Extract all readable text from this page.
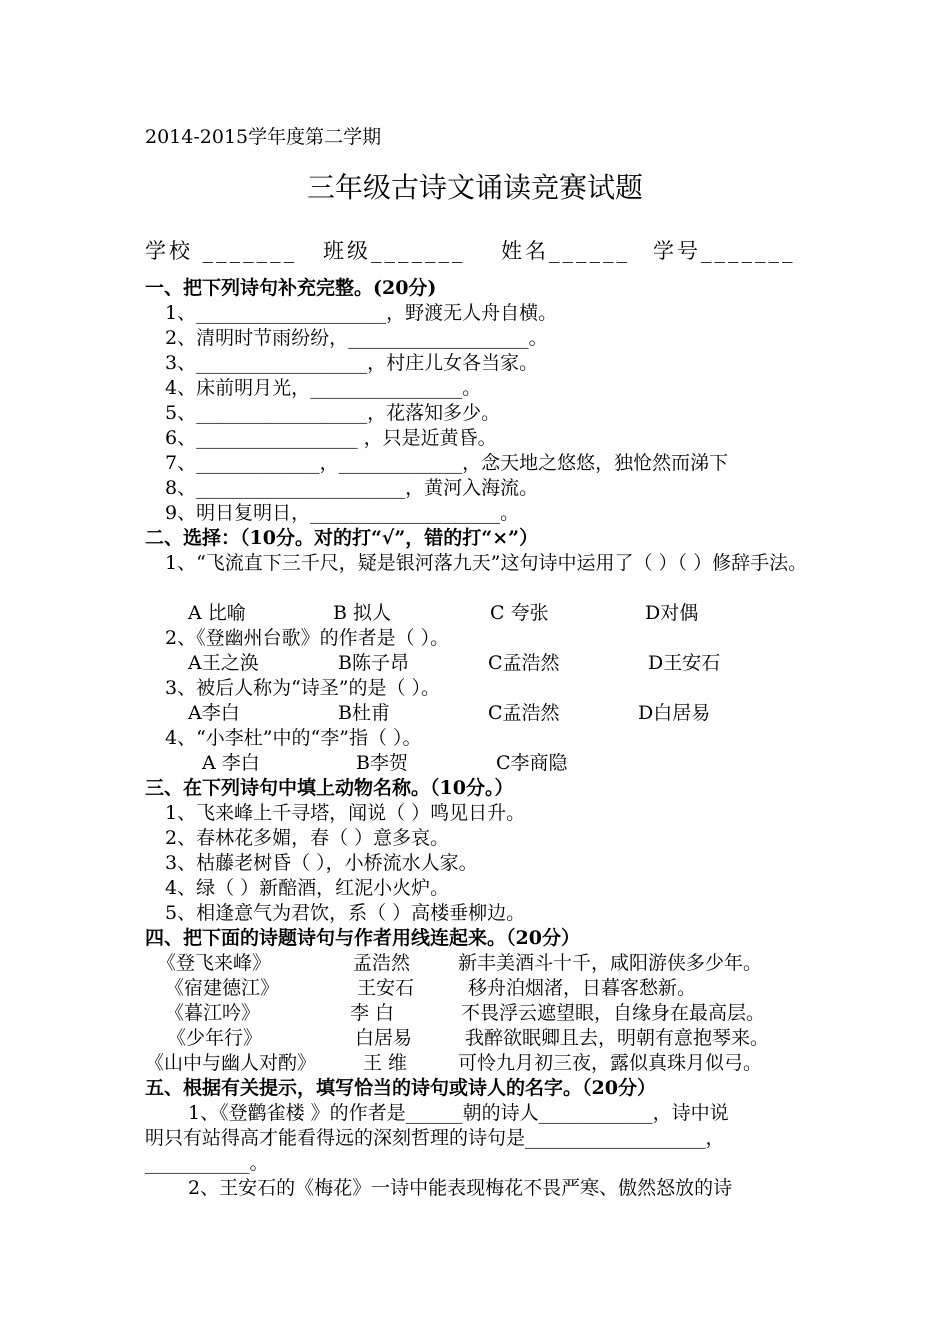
2014-2015学年度第二学期
三年级古诗文诵读竞赛试题
学校 _______ 班级_______ 姓名______ 学号_______
一、把下列诗句补充完整。(20分)
1、____________________，野渡无人舟自横。
2、清明时节雨纷纷，___________________。
3、__________________，村庄儿女各当家。
4、床前明月光，________________。
5、__________________，花落知多少。
6、_________________ ，只是近黄昏。
7、_____________，_____________，念天地之悠悠，独怆然而涕下
8、______________________，黄河入海流。
9、明日复明日，____________________。
二、选择：（10分。对的打“√”，错的打“×”）
1、“飞流直下三千尺，疑是银河落九天”这句诗中运用了（ ）（ ）修辞手法。
A 比喻	B 拟人	C 夸张	D对偶
2、《登幽州台歌》的作者是（ ）。
A王之涣	B陈子昂	C孟浩然	D王安石
3、被后人称为“诗圣”的是（ ）。
A李白	B杜甫	C孟浩然	D白居易
4、“小李杜”中的“李”指（ ）。
A 李白	B李贺	C李商隐
三、在下列诗句中填上动物名称。（10分。）
1、飞来峰上千寻塔，闻说（ ）鸣见日升。
2、春林花多媚，春（ ）意多哀。
3、枯藤老树昏（ ），小桥流水人家。
4、绿（ ）新醅酒，红泥小火炉。
5、相逢意气为君饮，系（ ）高楼垂柳边。
四、把下面的诗题诗句与作者用线连起来。（20分）
《登飞来峰》	孟浩然	新丰美酒斗十千，咸阳游侠多少年。
《宿建德江》	王安石	移舟泊烟渚，日暮客愁新。
《暮江吟》	李 白	不畏浮云遮望眼，自缘身在最高层。
《少年行》	白居易	我醉欲眠卿且去，明朝有意抱琴来。
《山中与幽人对酌》 王 维	可怜九月初三夜，露似真珠月似弓。
五、根据有关提示，填写恰当的诗句或诗人的名字。（20分）
1、《登鹳雀楼 》的作者是______朝的诗人____________，诗中说
明只有站得高才能看得远的深刻哲理的诗句是___________________，
___________。
2、王安石的《梅花》一诗中能表现梅花不畏严寒、傲然怒放的诗
